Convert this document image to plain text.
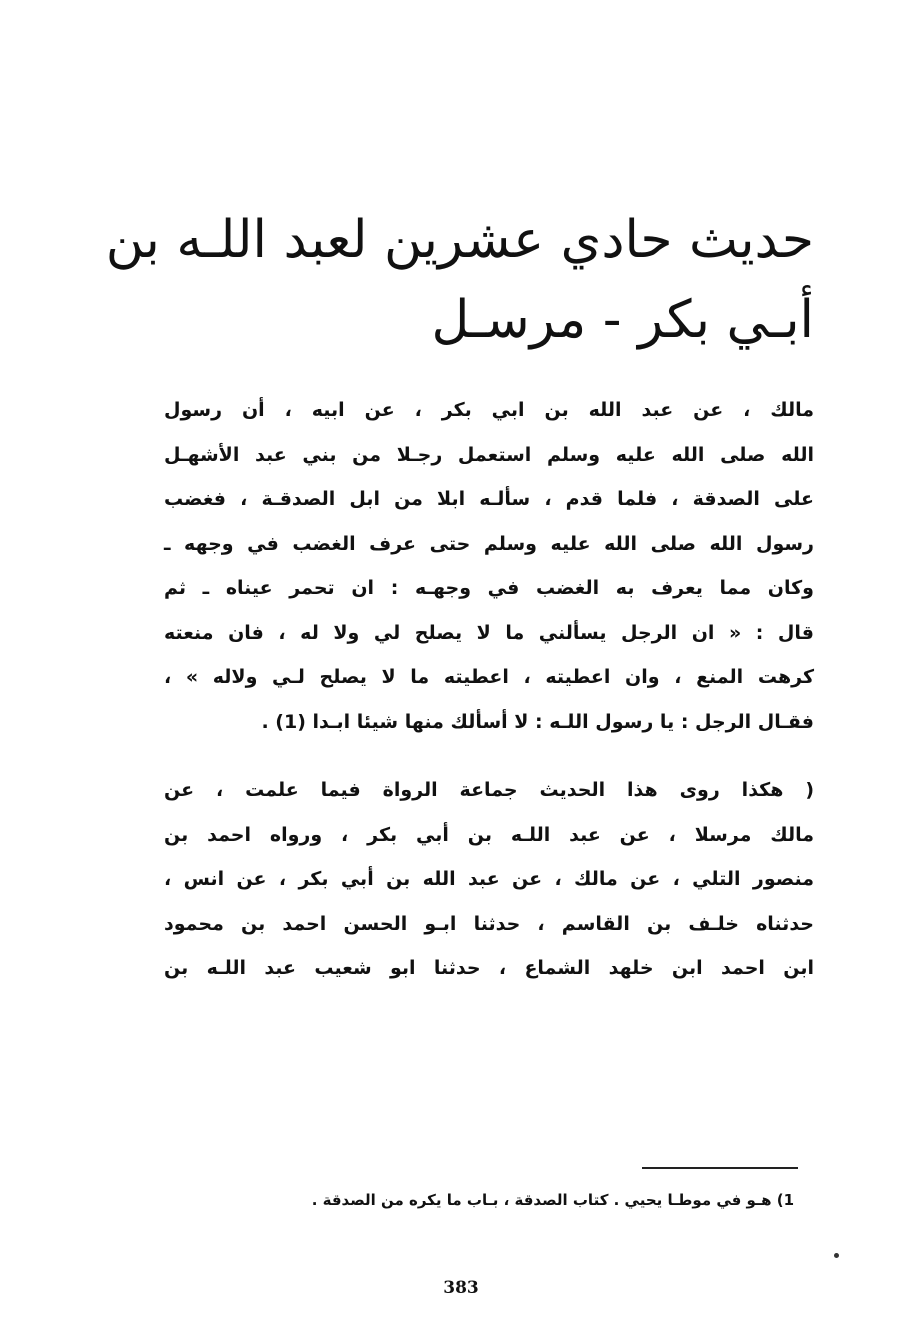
حديث حادي عشرين لعبد اللـه بن
أبـي بكر - مرسـل

مالك ، عن عبد الله بن ابي بكر ، عن ابيه ، أن رسول
الله صلى الله عليه وسلم استعمل رجـلا من بني عبد الأشهـل
على الصدقة ، فلما قدم ، سألـه ابلا من ابل الصدقـة ، فغضب
رسول الله صلى الله عليه وسلم حتى عرف الغضب في وجهه ـ
وكان مما يعرف به الغضب في وجهـه : ان تحمر عيناه ـ ثم
قال : « ان الرجل يسألني ما لا يصلح لي ولا له ، فان منعته
كرهت المنع ، وان اعطيته ، اعطيته ما لا يصلح لـي ولاله » ،
فقـال الرجل : يا رسول اللـه : لا أسألك منها شيئا ابـدا (1) .

( هكذا روى هذا الحديث جماعة الرواة فيما علمت ، عن
مالك مرسلا ، عن عبد اللـه بن أبي بكر ، ورواه احمد بن
منصور التلي ، عن مالك ، عن عبد الله بن أبي بكر ، عن انس ،
حدثناه خلـف بن القاسم ، حدثنا ابـو الحسن احمد بن محمود
ابن احمد ابن خلهد الشماع ، حدثنا ابو شعيب عبد اللـه بن

1) هـو في موطـا يحيي . كتاب الصدقة ، بـاب ما يكره من الصدقة .

383
